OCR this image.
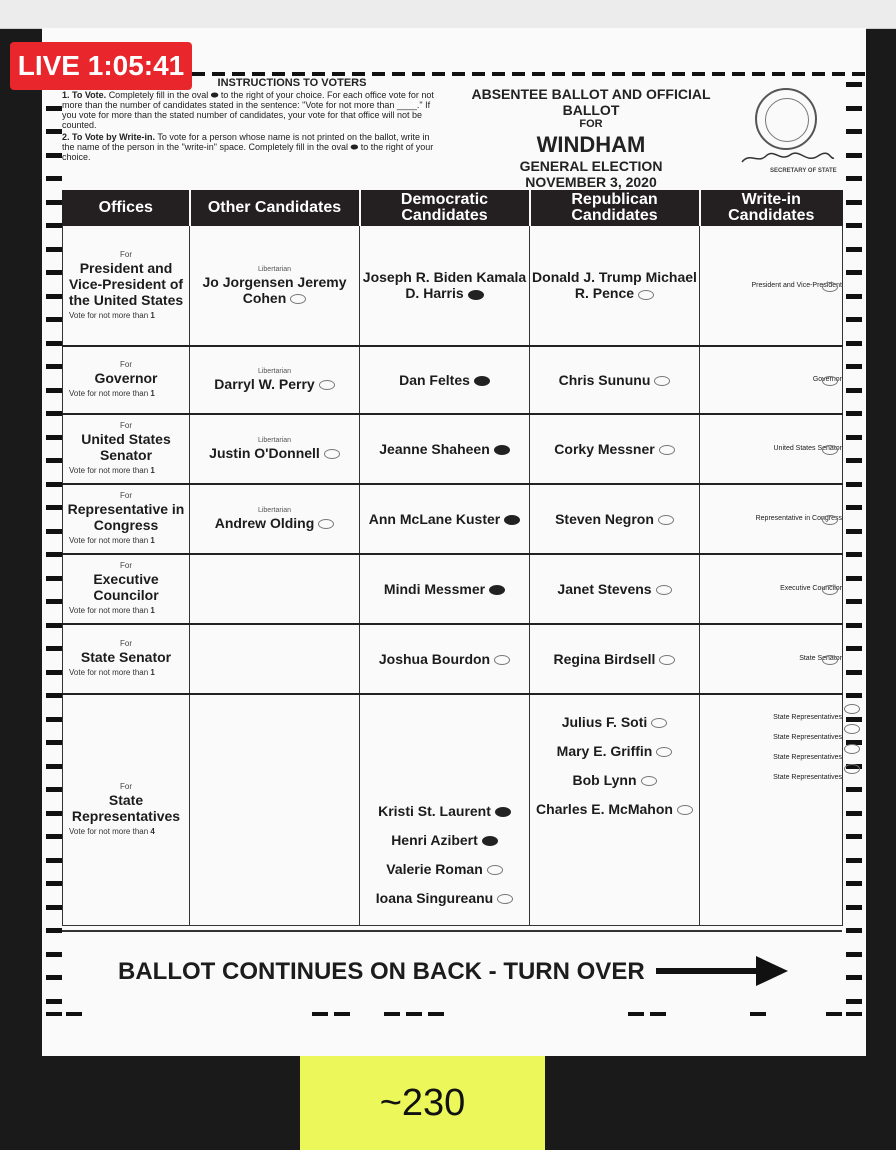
INSTRUCTIONS TO VOTERS

1. To Vote. Completely fill in the oval ⬬ to the right of your choice. For each office vote for not more than the number of candidates stated in the sentence: "Vote for not more than ____." If you vote for more than the stated number of candidates, your vote for that office will not be counted.

2. To Vote by Write-in. To vote for a person whose name is not printed on the ballot, write in the name of the person in the "write-in" space. Completely fill in the oval ⬬ to the right of your choice.

ABSENTEE BALLOT AND OFFICIAL BALLOT
FOR
WINDHAM
GENERAL ELECTION
NOVEMBER 3, 2020
SECRETARY OF STATE
Offices	Other Candidates	Democratic Candidates	Republican Candidates	Write-in Candidates

For
President and Vice-President of the United States
Vote for not more than 1	Libertarian
Jo Jorgensen Jeremy Cohen	Joseph R. Biden Kamala D. Harris	Donald J. Trump Michael R. Pence	President and Vice-President

For
Governor
Vote for not more than 1	Libertarian
Darryl W. Perry	Dan Feltes	Chris Sununu	Governor

For
United States Senator
Vote for not more than 1	Libertarian
Justin O'Donnell	Jeanne Shaheen	Corky Messner	United States Senator

For
Representative in Congress
Vote for not more than 1	Libertarian
Andrew Olding	Ann McLane Kuster	Steven Negron	Representative in Congress

For
Executive Councilor
Vote for not more than 1		Mindi Messmer	Janet Stevens	Executive Councilor

For
State Senator
Vote for not more than 1		Joshua Bourdon	Regina Birdsell	State Senator

For
State Representatives
Vote for not more than 4		Kristi St. Laurent
Henri Azibert
Valerie Roman
Ioana Singureanu	Julius F. Soti
Mary E. Griffin
Bob Lynn
Charles E. McMahon	State Representatives
State Representatives
State Representatives
State Representatives
BALLOT CONTINUES ON BACK - TURN OVER
LIVE 1:05:41
~230
